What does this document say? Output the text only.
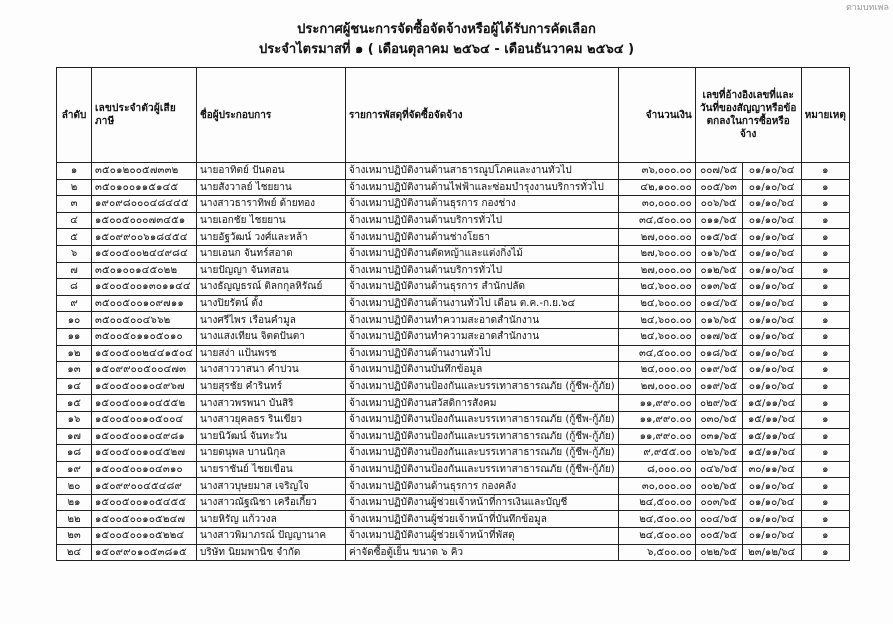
ตามบทเพล
ประกาศผู้ชนะการจัดซื้อจัดจ้างหรือผู้ได้รับการคัดเลือก
ประจำไตรมาสที่ ๑ ( เดือนตุลาคม ๒๕๖๔ - เดือนธันวาคม ๒๕๖๔ )
ลำดับ	เลขประจำตัวผู้เสียภาษี	ชื่อผู้ประกอบการ	รายการพัสดุที่จัดซื้อจัดจ้าง	จำนวนเงิน	เลขที่อ้างอิงเลขที่และวันที่ของสัญญาหรือข้อตกลงในการซื้อหรือจ้าง		หมายเหตุ
๑	๓๕๐๑๒๐๐๕๗๓๓๒	นายอาทิตย์ ปันดอน	จ้างเหมาปฏิบัติงานด้านสาธารณูปโภคและงานทั่วไป	๓๖,๐๐๐.๐๐	๐๐๗/๖๕	๐๑/๑๐/๖๔	๑
๒	๓๕๐๑๐๐๑๑๕๑๔๕	นายสังวาลย์ ไชยยาน	จ้างเหมาปฏิบัติงานด้านไฟฟ้าและซ่อมบำรุงงานบริการทั่วไป	๔๒,๑๐๐.๐๐	๐๐๕/๖๓	๐๑/๑๐/๖๔	๑
๓	๑๙๐๙๘๐๐๐๔๘๔๔๕	นางสาวธาราทิพย์ ด้ายทอง	จ้างเหมาปฏิบัติงานด้านธุรการ กองช่าง	๓๐,๐๐๐.๐๐	๐๐๖/๖๕	๐๑/๑๐/๖๔	๑
๔	๑๕๐๐๕๐๐๐๗๓๔๕๑	นายเอกชัย ไชยยาน	จ้างเหมาปฏิบัติงานด้านบริการทั่วไป	๓๔,๕๐๐.๐๐	๐๑๑/๖๕	๐๑/๑๐/๖๔	๑
๕	๑๕๐๙๙๐๐๖๑๘๔๕๔	นายอัฐวัฒน์ วงศ์และหล้า	จ้างเหมาปฏิบัติงานด้านช่างโยธา	๒๗,๐๐๐.๐๐	๐๑๕/๖๕	๐๑/๑๐/๖๔	๑
๖	๑๕๐๐๕๐๐๒๔๔๙๘๔	นายเอนก จันทร์สอาด	จ้างเหมาปฏิบัติงานตัดหญ้าและแต่งกิ่งไม้	๒๗,๖๐๐.๐๐	๐๑๖/๖๕	๐๑/๑๐/๖๔	๑
๗	๓๕๐๑๐๐๑๔๕๐๒๒	นายปัญญา จันทสอน	จ้างเหมาปฏิบัติงานด้านบริการทั่วไป	๒๗,๐๐๐.๐๐	๐๑๒/๖๕	๐๑/๑๐/๖๔	๑
๘	๑๕๐๐๕๐๐๑๓๐๑๑๔๔	นางธัญญธรณ์ ติลกกุลหิรัณย์	จ้างเหมาปฏิบัติงานด้านธุรการ สำนักปลัด	๒๔,๖๐๐.๐๐	๐๑๓/๖๕	๐๑/๑๐/๖๔	๑
๙	๓๕๐๐๕๐๐๑๐๙๗๑๑	นางปิยรัตน์ ตั้ง	จ้างเหมาปฏิบัติงานด้านงานทั่วไป เดือน ต.ค.-ก.ย.๖๔	๒๔,๖๐๐.๐๐	๐๑๔/๖๕	๐๑/๑๐/๖๔	๑
๑๐	๓๕๐๐๕๐๐๔๖๖๒	นางศรีไพร เรือนคำมูล	จ้างเหมาปฏิบัติงานทำความสะอาดสำนักงาน	๒๔,๖๐๐.๐๐	๐๑๖/๖๕	๐๑/๑๐/๖๔	๑
๑๑	๓๕๐๐๕๐๑๑๐๕๐๑๐	นางแสงเทียน จิตตปันตา	จ้างเหมาปฏิบัติงานทำความสะอาดสำนักงาน	๒๔,๖๐๐.๐๐	๐๑๗/๖๕	๐๑/๑๐/๖๔	๑
๑๒	๑๕๐๐๕๐๐๒๔๔๑๕๐๔	นายสง่า แป้นพรช	จ้างเหมาปฏิบัติงานด้านงานทั่วไป	๓๔,๕๐๐.๐๐	๐๑๘/๖๕	๐๑/๑๐/๖๔	๑
๑๓	๑๕๐๙๙๐๐๕๐๐๔๗๓	นางสาววาสนา คำปวน	จ้างเหมาปฏิบัติงานบันทึกข้อมูล	๒๔,๐๐๐.๐๐	๐๑๙/๖๕	๐๑/๑๐/๖๔	๑
๑๔	๑๕๐๐๕๐๐๑๐๔๙๖๗	นายสุรชัย คำรินทร์	จ้างเหมาปฏิบัติงานป้องกันและบรรเทาสาธารณภัย (กู้ชีพ-กู้ภัย)	๒๗,๐๐๐.๐๐	๐๑๙/๖๕	๐๑/๑๐/๖๔	๑
๑๕	๑๕๐๐๕๐๐๑๐๔๕๕๒	นางสาวพรพนา บันสิริ	จ้างเหมาปฏิบัติงานสวัสดิการสังคม	๑๑,๙๙๐.๐๐	๐๒๙/๖๕	๑๕/๑๑/๖๔	๑
๑๖	๑๕๐๐๕๐๐๑๐๕๐๐๔	นางสาวยุคลธร รินเขียว	จ้างเหมาปฏิบัติงานป้องกันและบรรเทาสาธารณภัย (กู้ชีพ-กู้ภัย)	๑๑,๙๙๐.๐๐	๐๓๐/๖๕	๑๕/๑๑/๖๔	๑
๑๗	๑๕๐๐๕๐๐๑๐๔๙๘๑	นายนิวัฒน์ จันทะวัน	จ้างเหมาปฏิบัติงานป้องกันและบรรเทาสาธารณภัย (กู้ชีพ-กู้ภัย)	๑๑,๙๙๐.๐๐	๐๓๑/๖๕	๑๕/๑๑/๖๔	๑
๑๘	๑๕๐๐๕๐๐๑๐๔๕๒๗	นายดนุพล บานนิกุล	จ้างเหมาปฏิบัติงานป้องกันและบรรเทาสาธารณภัย (กู้ชีพ-กู้ภัย)	๙,๙๕๕.๐๐	๐๒๖/๖๕	๑๕/๑๑/๖๔	๑
๑๙	๑๕๐๐๕๐๐๑๐๔๓๑๐	นายราชันย์ ไชยเขือน	จ้างเหมาปฏิบัติงานป้องกันและบรรเทาสาธารณภัย (กู้ชีพ-กู้ภัย)	๘,๐๐๐.๐๐	๐๔๖/๖๕	๓๐/๑๑/๖๔	๑
๒๐	๑๕๐๙๙๐๐๔๕๔๘๙	นางสาวบุษยมาส เจริญใจ	จ้างเหมาปฏิบัติงานด้านธุรการ กองคลัง	๓๐,๐๐๐.๐๐	๐๐๒/๖๕	๐๑/๑๐/๖๔	๑
๒๑	๑๕๐๐๕๐๐๑๐๕๔๕๕	นางสาวณัฐณิชา เครือเกี้ยว	จ้างเหมาปฏิบัติงานผู้ช่วยเจ้าหน้าที่การเงินและบัญชี	๒๔,๕๐๐.๐๐	๐๐๓/๖๕	๐๑/๑๐/๖๔	๑
๒๒	๑๕๐๐๕๐๐๑๐๕๒๔๗	นายหิรัญ แก้ววงล	จ้างเหมาปฏิบัติงานผู้ช่วยเจ้าหน้าที่บันทึกข้อมูล	๒๔,๕๐๐.๐๐	๐๐๔/๖๕	๐๑/๑๐/๖๔	๑
๒๓	๑๕๐๐๕๐๐๑๐๕๒๒๔	นางสาวพิมาภรณ์ ปัญญานาค	จ้างเหมาปฏิบัติงานผู้ช่วยเจ้าหน้าที่พัสดุ	๒๔,๕๐๐.๐๐	๐๐๕/๖๕	๐๑/๑๐/๖๔	๑
๒๔	๑๕๐๙๙๐๑๐๕๓๘๑๕	บริษัท นิยมพานิช จำกัด	ค่าจัดซื้อตู้เย็น ขนาด ๖ คิว	๖,๕๐๐.๐๐	๐๒๒/๖๕	๒๓/๑๒/๖๔	๑
